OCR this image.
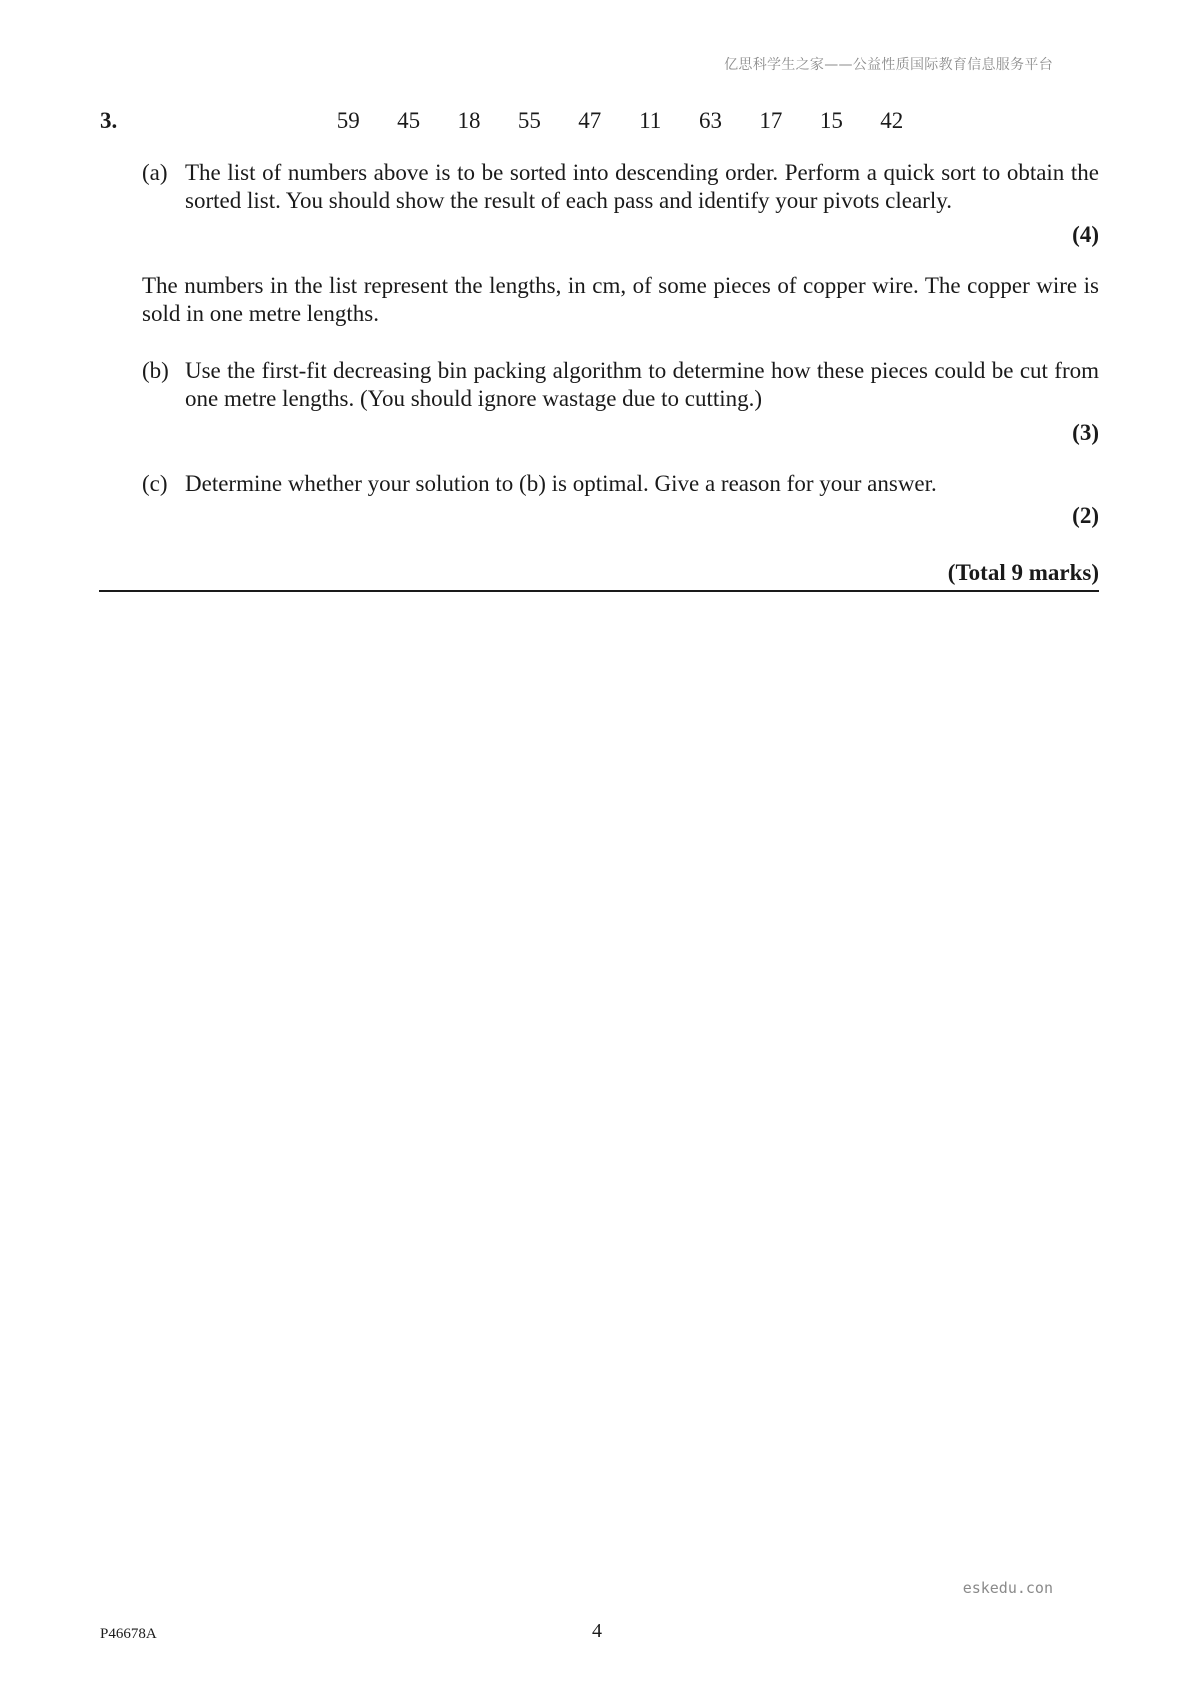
亿思科学生之家——公益性质国际教育信息服务平台
3.	59	45	18	55	47	11	63	17	15	42
(a) The list of numbers above is to be sorted into descending order. Perform a quick sort to obtain the sorted list. You should show the result of each pass and identify your pivots clearly.
(4)
The numbers in the list represent the lengths, in cm, of some pieces of copper wire. The copper wire is sold in one metre lengths.
(b) Use the first-fit decreasing bin packing algorithm to determine how these pieces could be cut from one metre lengths. (You should ignore wastage due to cutting.)
(3)
(c) Determine whether your solution to (b) is optimal. Give a reason for your answer.
(2)
(Total 9 marks)
eskedu.con
P46678A	4
